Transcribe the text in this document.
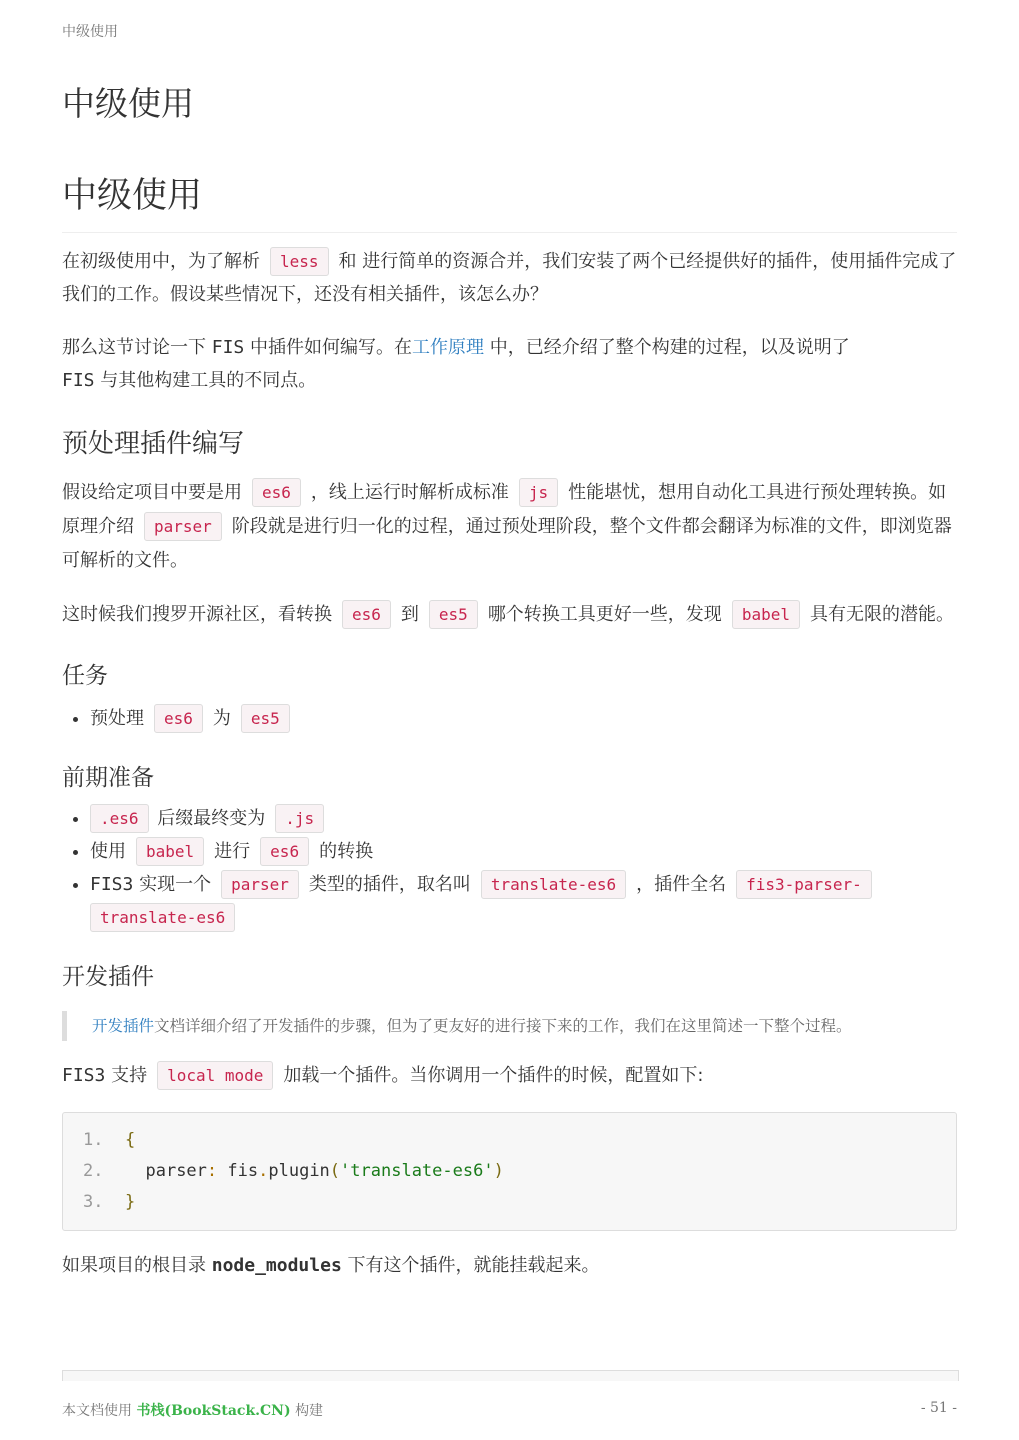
中级使用
中级使用
中级使用

在初级使用中，为了解析 less 和 进行简单的资源合并，我们安装了两个已经提供好的插件，使用插件完成了我们的工作。假设某些情况下，还没有相关插件，该怎么办？

那么这节讨论一下 FIS 中插件如何编写。在工作原理 中，已经介绍了整个构建的过程，以及说明了
FIS 与其他构建工具的不同点。

预处理插件编写

假设给定项目中要是用 es6 ，线上运行时解析成标准 js 性能堪忧，想用自动化工具进行预处理转换。如原理介绍 parser 阶段就是进行归一化的过程，通过预处理阶段，整个文件都会翻译为标准的文件，即浏览器可解析的文件。

这时候我们搜罗开源社区，看转换 es6 到 es5 哪个转换工具更好一些，发现 babel 具有无限的潜能。

任务
• 预处理 es6 为 es5
前期准备
• .es6 后缀最终变为 .js
• 使用 babel 进行 es6 的转换
• FIS3 实现一个 parser 类型的插件，取名叫 translate-es6 ，插件全名 fis3-parser-
translate-es6
开发插件
开发插件文档详细介绍了开发插件的步骤，但为了更友好的进行接下来的工作，我们在这里简述一下整个过程。

FIS3 支持 local mode 加载一个插件。当你调用一个插件的时候，配置如下:

1. {
2. parser: fis.plugin('translate-es6')
3. }

如果项目的根目录 node_modules 下有这个插件，就能挂载起来。

本文档使用 书栈(BookStack.CN) 构建	- 51 -
